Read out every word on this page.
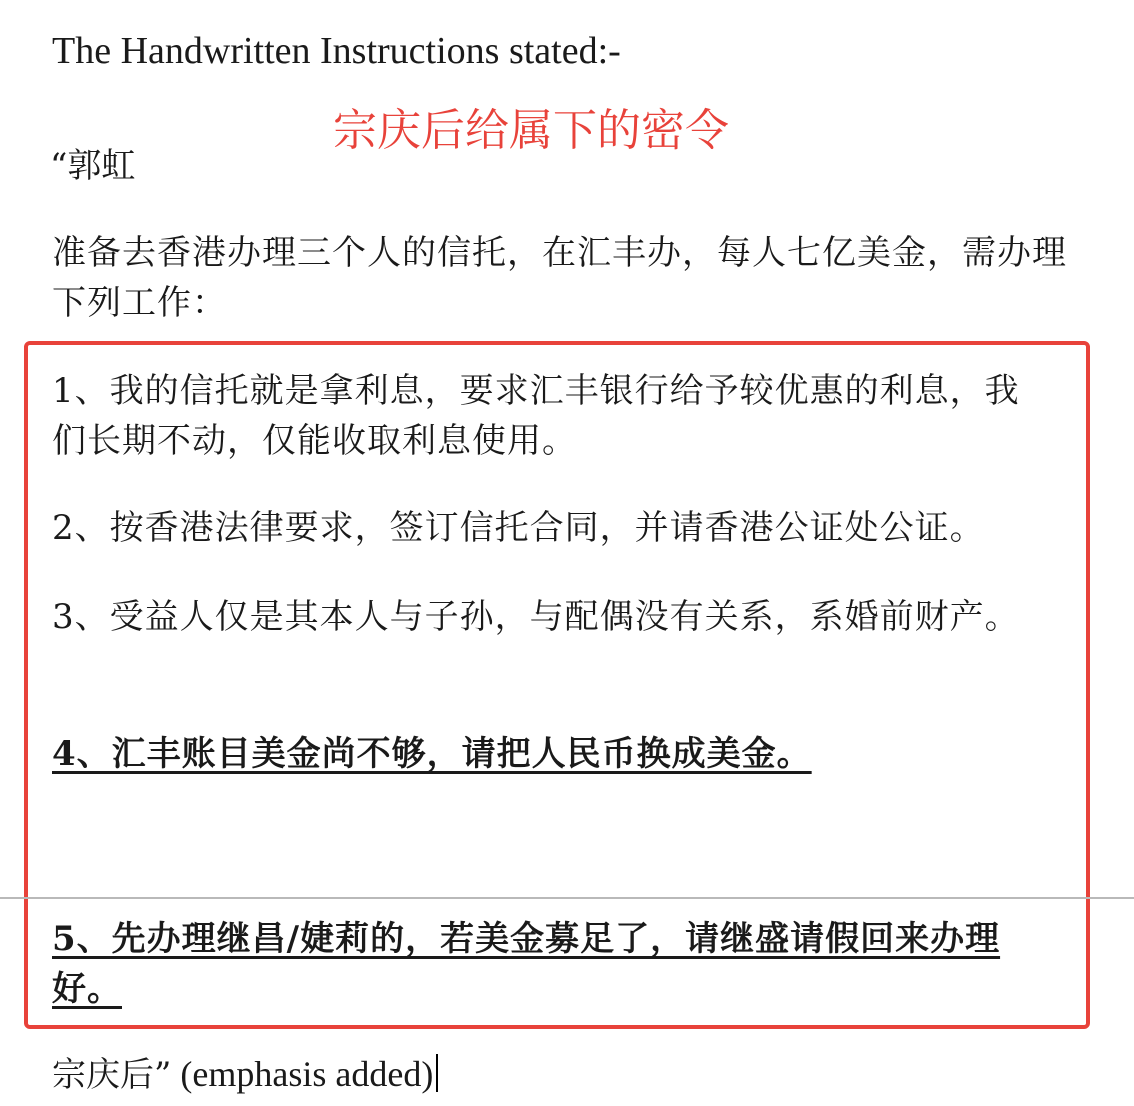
The Handwritten Instructions stated:-
宗庆后给属下的密令
“郭虹
准备去香港办理三个人的信托，在汇丰办，每人七亿美金，需办理下列工作：
1、我的信托就是拿利息，要求汇丰银行给予较优惠的利息，我们长期不动，仅能收取利息使用。
2、按香港法律要求，签订信托合同，并请香港公证处公证。
3、受益人仅是其本人与子孙，与配偶没有关系，系婚前财产。
4、汇丰账目美金尚不够，请把人民币换成美金。
5、先办理继昌/婕莉的，若美金募足了，请继盛请假回来办理好。
宗庆后” (emphasis added)
